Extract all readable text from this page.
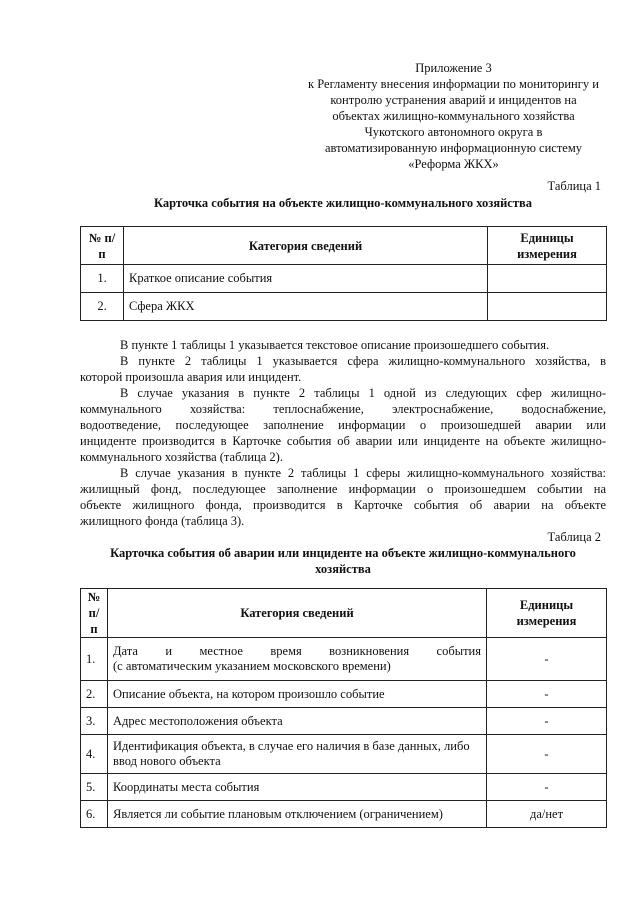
Приложение 3
к Регламенту внесения информации по мониторингу и
контролю устранения аварий и инцидентов на
объектах жилищно-коммунального хозяйства
Чукотского автономного округа в
автоматизированную информационную систему
«Реформа ЖКХ»
Таблица 1
Карточка события на объекте жилищно-коммунального хозяйства
№ п/п	Категория сведений	Единицы измерения
1.	Краткое описание события	
2.	Сфера ЖКХ	

В пункте 1 таблицы 1 указывается текстовое описание произошедшего события.

В пункте 2 таблицы 1 указывается сфера жилищно-коммунального хозяйства, в

которой произошла авария или инцидент.

В случае указания в пункте 2 таблицы 1 одной из следующих сфер жилищно-

коммунального хозяйства: теплоснабжение, электроснабжение, водоснабжение,

водоотведение, последующее заполнение информации о произошедшей аварии или

инциденте производится в Карточке события об аварии или инциденте на объекте жилищно-

коммунального хозяйства (таблица 2).

В случае указания в пункте 2 таблицы 1 сферы жилищно-коммунального хозяйства:

жилищный фонд, последующее заполнение информации о произошедшем событии на

объекте жилищного фонда, производится в Карточке события об аварии на объекте

жилищного фонда (таблица 3).

Таблица 2
Карточка события об аварии или инциденте на объекте жилищно-коммунального
хозяйства
№ п/п	Категория сведений	Единицы измерения
1.	Дата и местное время возникновения события
(с автоматическим указанием московского времени)	-
2.	Описание объекта, на котором произошло событие	-
3.	Адрес местоположения объекта	-
4.	Идентификация объекта, в случае его наличия в базе данных, либо
ввод нового объекта	-
5.	Координаты места события	-
6.	Является ли событие плановым отключением (ограничением)	да/нет
